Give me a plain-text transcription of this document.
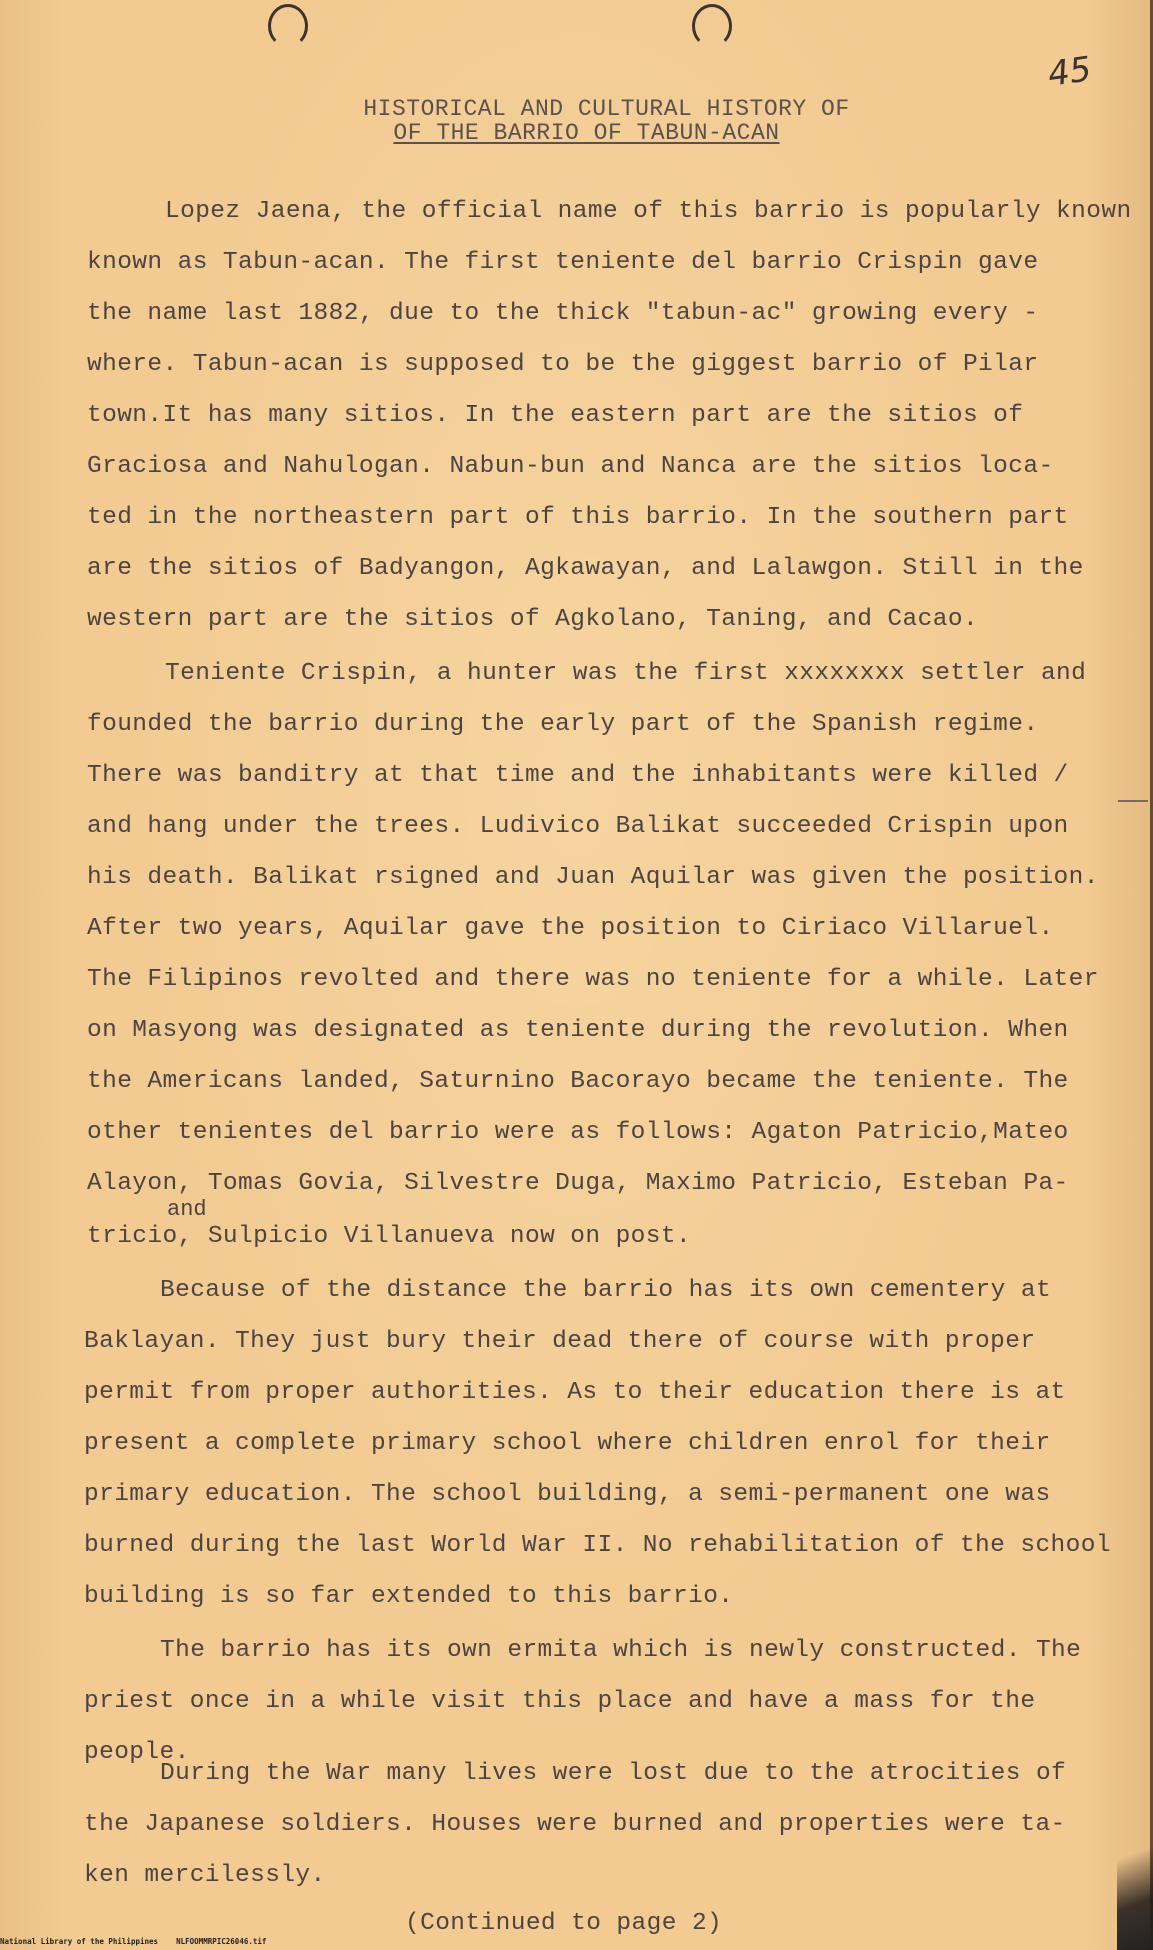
45
HISTORICAL AND CULTURAL HISTORY OF
OF THE BARRIO OF TABUN-ACAN
Lopez Jaena, the official name of this barrio is popularly known
known as Tabun-acan. The first teniente del barrio Crispin gave
the name last 1882, due to the thick "tabun-ac" growing every -
where. Tabun-acan is supposed to be the giggest barrio of Pilar
town.It has many sitios. In the eastern part are the sitios of
Graciosa and Nahulogan. Nabun-bun and Nanca are the sitios loca-
ted in the northeastern part of this barrio. In the southern part
are the sitios of Badyangon, Agkawayan, and Lalawgon. Still in the
western part are the sitios of Agkolano, Taning, and Cacao.
Teniente Crispin, a hunter was the first xxxxxxxx settler and
founded the barrio during the early part of the Spanish regime.
There was banditry at that time and the inhabitants were killed /
and hang under the trees. Ludivico Balikat succeeded Crispin upon
his death. Balikat rsigned and Juan Aquilar was given the position.
After two years, Aquilar gave the position to Ciriaco Villaruel.
The Filipinos revolted and there was no teniente for a while. Later
on Masyong was designated as teniente during the revolution. When
the Americans landed, Saturnino Bacorayo became the teniente. The
other tenientes del barrio were as follows: Agaton Patricio,Mateo
Alayon, Tomas Govia, Silvestre Duga, Maximo Patricio, Esteban Pa-
and
tricio, Sulpicio Villanueva now on post.
Because of the distance the barrio has its own cementery at
Baklayan. They just bury their dead there of course with proper
permit from proper authorities. As to their education there is at
present a complete primary school where children enrol for their
primary education. The school building, a semi-permanent one was
burned during the last World War II. No rehabilitation of the school
building is so far extended to this barrio.
The barrio has its own ermita which is newly constructed. The
priest once in a while visit this place and have a mass for the
people.
During the War many lives were lost due to the atrocities of
the Japanese soldiers. Houses were burned and properties were ta-
ken mercilessly.
(Continued to page 2)
National Library of the Philippines    NLFOOMMRPIC26046.tif
